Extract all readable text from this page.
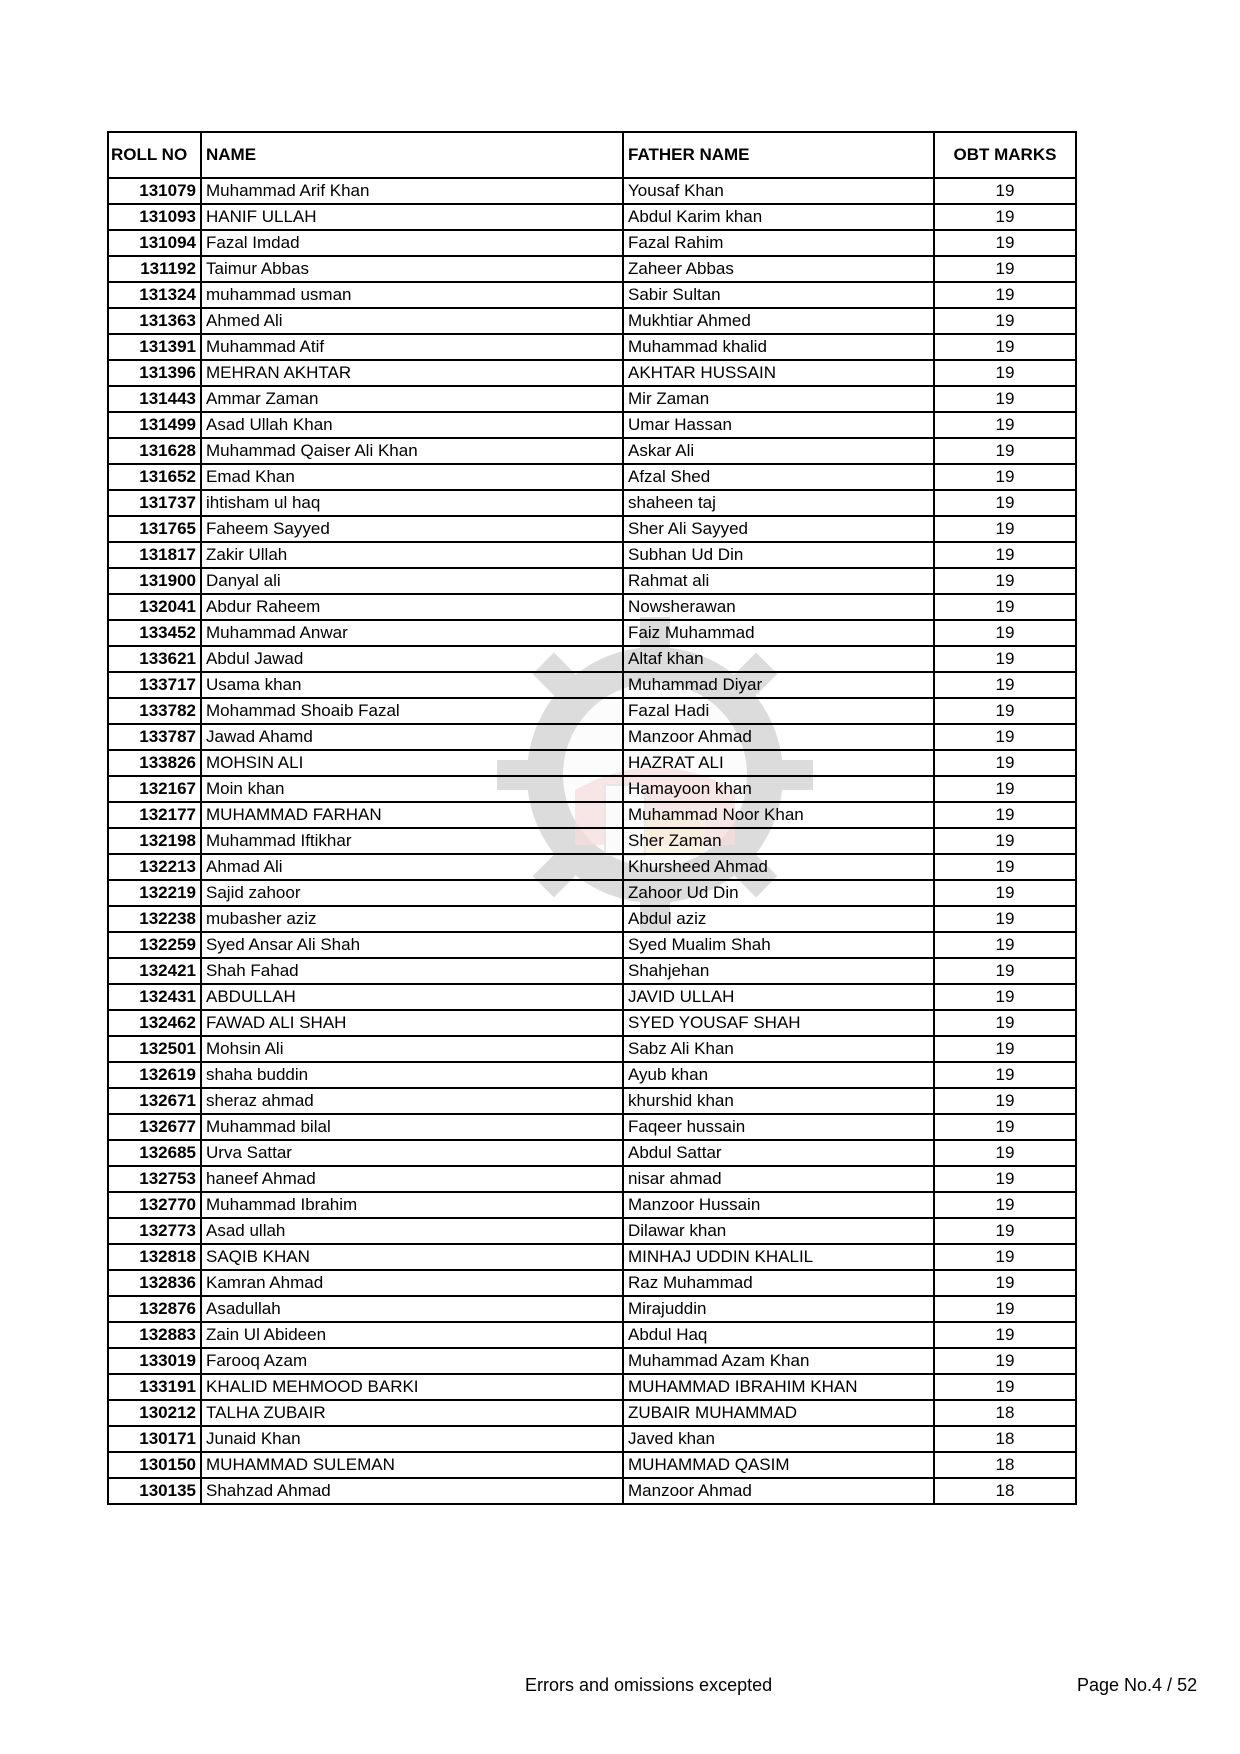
ROLL NO	NAME	FATHER NAME	OBT MARKS
131079	Muhammad Arif Khan	Yousaf Khan	19
131093	HANIF ULLAH	Abdul Karim khan	19
131094	Fazal Imdad	Fazal Rahim	19
131192	Taimur Abbas	Zaheer Abbas	19
131324	muhammad usman	Sabir Sultan	19
131363	Ahmed Ali	Mukhtiar Ahmed	19
131391	Muhammad Atif	Muhammad khalid	19
131396	MEHRAN AKHTAR	AKHTAR HUSSAIN	19
131443	Ammar Zaman	Mir Zaman	19
131499	Asad Ullah Khan	Umar Hassan	19
131628	Muhammad Qaiser Ali Khan	Askar Ali	19
131652	Emad Khan	Afzal Shed	19
131737	ihtisham ul haq	shaheen taj	19
131765	Faheem Sayyed	Sher Ali Sayyed	19
131817	Zakir Ullah	Subhan Ud Din	19
131900	Danyal ali	Rahmat ali	19
132041	Abdur Raheem	Nowsherawan	19
133452	Muhammad Anwar	Faiz Muhammad	19
133621	Abdul Jawad	Altaf khan	19
133717	Usama khan	Muhammad Diyar	19
133782	Mohammad Shoaib Fazal	Fazal Hadi	19
133787	Jawad Ahamd	Manzoor Ahmad	19
133826	MOHSIN ALI	HAZRAT ALI	19
132167	Moin khan	Hamayoon khan	19
132177	MUHAMMAD FARHAN	Muhammad Noor Khan	19
132198	Muhammad Iftikhar	Sher Zaman	19
132213	Ahmad Ali	Khursheed Ahmad	19
132219	Sajid zahoor	Zahoor Ud Din	19
132238	mubasher aziz	Abdul aziz	19
132259	Syed Ansar Ali Shah	Syed Mualim Shah	19
132421	Shah Fahad	Shahjehan	19
132431	ABDULLAH	JAVID ULLAH	19
132462	FAWAD ALI SHAH	SYED YOUSAF SHAH	19
132501	Mohsin Ali	Sabz Ali Khan	19
132619	shaha buddin	Ayub khan	19
132671	sheraz ahmad	khurshid khan	19
132677	Muhammad bilal	Faqeer hussain	19
132685	Urva Sattar	Abdul Sattar	19
132753	haneef Ahmad	nisar ahmad	19
132770	Muhammad Ibrahim	Manzoor Hussain	19
132773	Asad ullah	Dilawar khan	19
132818	SAQIB KHAN	MINHAJ UDDIN KHALIL	19
132836	Kamran Ahmad	Raz Muhammad	19
132876	Asadullah	Mirajuddin	19
132883	Zain Ul Abideen	Abdul Haq	19
133019	Farooq Azam	Muhammad Azam Khan	19
133191	KHALID MEHMOOD BARKI	MUHAMMAD IBRAHIM KHAN	19
130212	TALHA ZUBAIR	ZUBAIR MUHAMMAD	18
130171	Junaid Khan	Javed khan	18
130150	MUHAMMAD SULEMAN	MUHAMMAD QASIM	18
130135	Shahzad Ahmad	Manzoor Ahmad	18
Errors and omissions excepted	Page No.4 / 52
